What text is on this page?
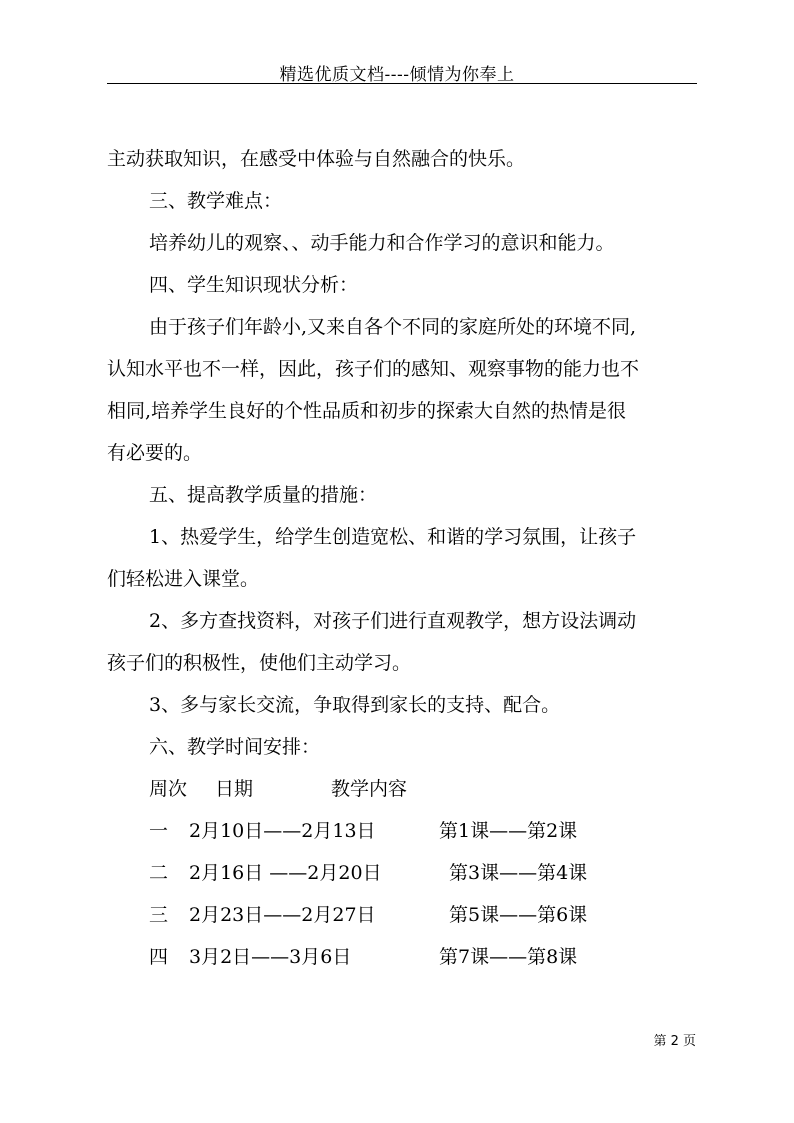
精选优质文档----倾情为你奉上
主动获取知识，在感受中体验与自然融合的快乐。
三、教学难点：
培养幼儿的观察、、动手能力和合作学习的意识和能力。
四、学生知识现状分析：
由于孩子们年龄小,又来自各个不同的家庭所处的环境不同,
认知水平也不一样，因此，孩子们的感知、观察事物的能力也不
相同,培养学生良好的个性品质和初步的探索大自然的热情是很
有必要的。
五、提高教学质量的措施：
1、热爱学生，给学生创造宽松、和谐的学习氛围，让孩子
们轻松进入课堂。
2、多方查找资料，对孩子们进行直观教学，想方设法调动
孩子们的积极性，使他们主动学习。
3、多与家长交流，争取得到家长的支持、配合。
六、教学时间安排：
周次 日期	教学内容
一 2月10日——2月13日	第1课——第2课
二 2月16日 ——2月20日	第3课——第4课
三 2月23日——2月27日	第5课——第6课
四 3月2日——3月6日	第7课——第8课
第 2 页
